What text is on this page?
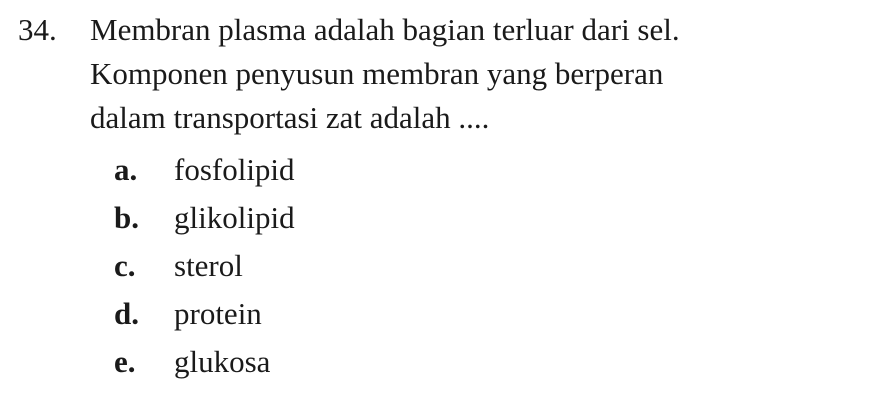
34.	Membran plasma adalah bagian terluar dari sel.
Komponen penyusun membran yang berperan
dalam transportasi zat adalah ....
a.	fosfolipid
b.	glikolipid
c.	sterol
d.	protein
e.	glukosa
